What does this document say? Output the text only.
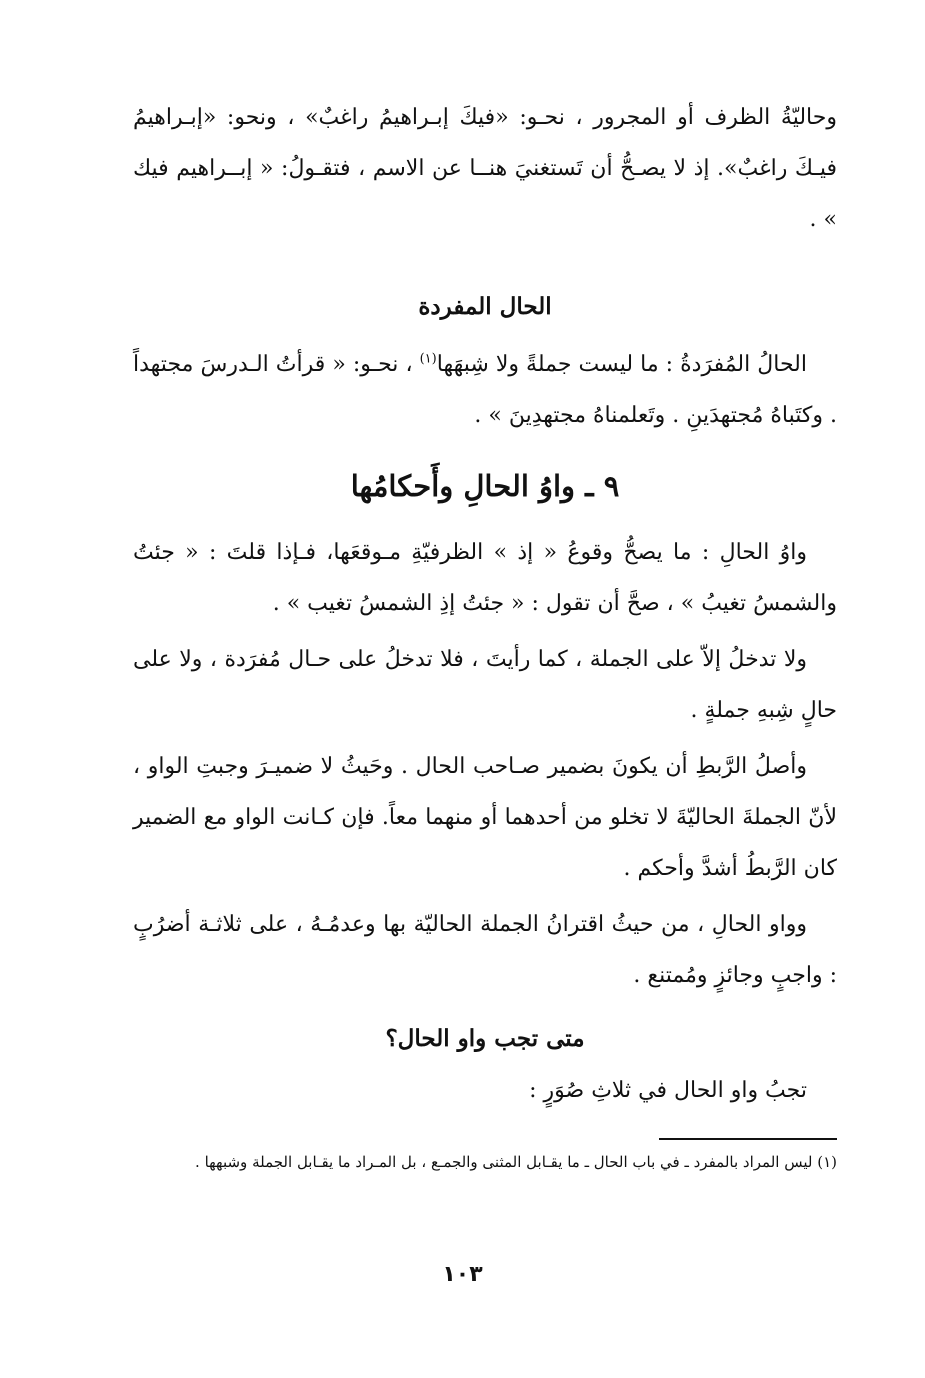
وحاليّةُ الظرف أو المجرور ، نحـو: «فيكَ إبـراهيمُ راغبٌ» ، ونحو: «إبـراهيمُ فيـكَ راغبٌ». إذ لا يصـحُّ أن تَستغنيَ هنــا عن الاسم ، فتقـولُ: « إبــراهيم فيك » .

الحال المفردة

الحالُ المُفرَدةُ : ما ليست جملةً ولا شِبهَها$^{(١)}$ ، نحـو: « قرأتُ الـدرسَ مجتهداً . وكتَباهُ مُجتهدَينِ . وتَعلمناهُ مجتهدِينَ » .

٩ ـ واوُ الحالِ وأَحكامُها

واوُ الحالِ : ما يصحُّ وقوعُ « إذ » الظرفيّةِ مـوقعَها، فـإذا قلتَ : « جئتُ والشمسُ تغيبُ » ، صحَّ أن تقول : « جئتُ إذِ الشمسُ تغيب » .

ولا تدخلُ إلاّ على الجملة ، كما رأيتَ ، فلا تدخلُ على حـال مُفرَدة ، ولا على حالٍ شِبهِ جملةٍ .

وأصلُ الرَّبطِ أن يكونَ بضمير صـاحب الحال . وحَيثُ لا ضميـرَ وجبتِ الواو ، لأنّ الجملةَ الحاليّةَ لا تخلو من أحدهما أو منهما معاً. فإن كـانت الواو مع الضمير كان الرَّبطُ أشدَّ وأحكم .

وواو الحالِ ، من حيثُ اقترانُ الجملة الحاليّة بها وعدمُـهُ ، على ثلاثـة أضرُبٍ : واجبٍ وجائزٍ ومُمتنع .

متى تجب واو الحال؟

تجبُ واو الحال في ثلاثِ صُوَرٍ :

(١) ليس المراد بالمفرد ـ في باب الحال ـ ما يقـابل المثنى والجمـع ، بل المـراد ما يقـابل الجملة وشبهها .

١٠٣
